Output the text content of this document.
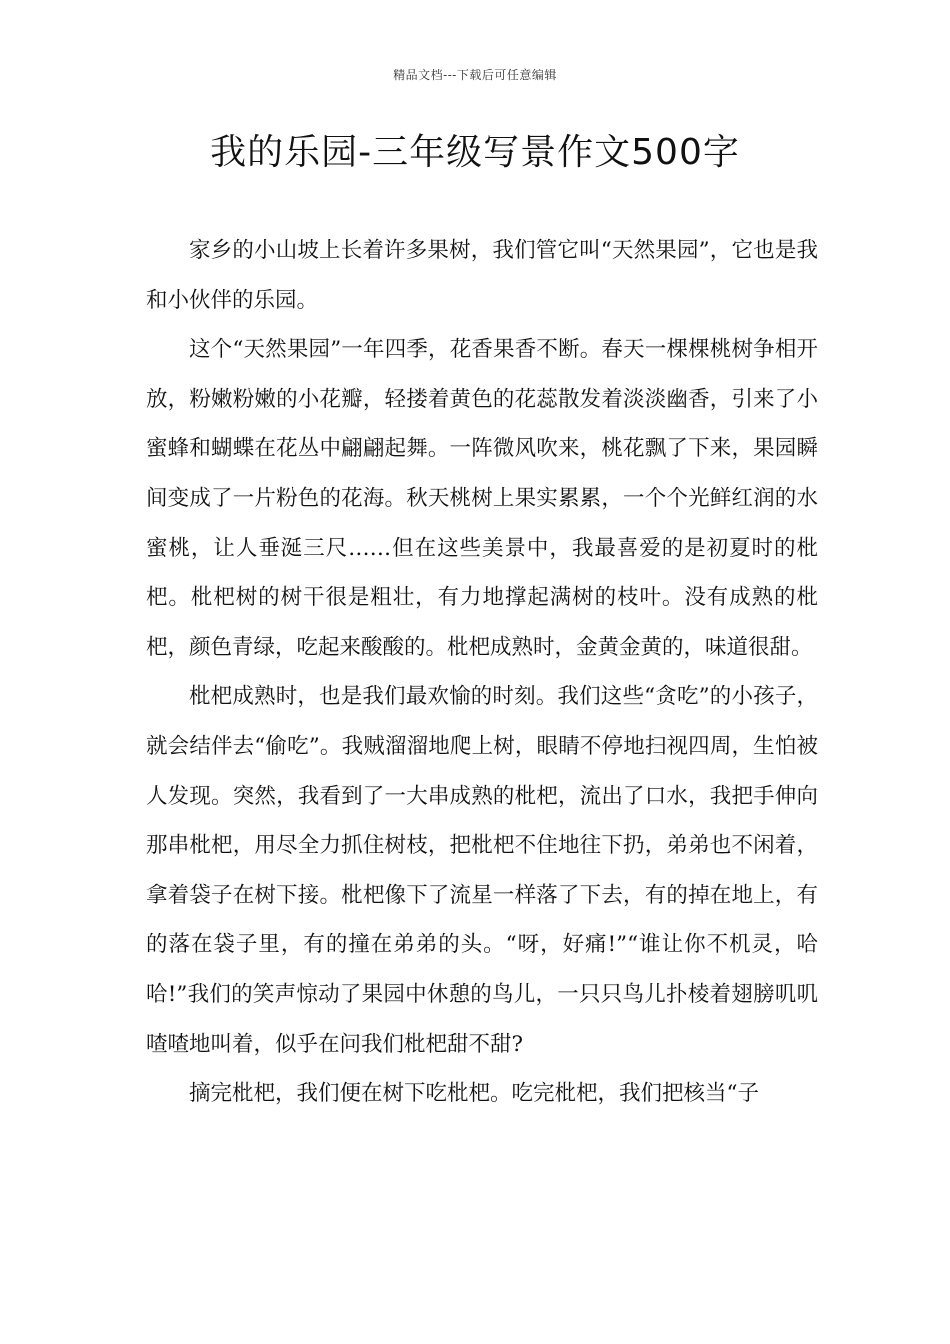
精品文档---下载后可任意编辑
我的乐园-三年级写景作文500字

家乡的小山坡上长着许多果树，我们管它叫“天然果园”，它也是我和小伙伴的乐园。

这个“天然果园”一年四季，花香果香不断。春天一棵棵桃树争相开放，粉嫩粉嫩的小花瓣，轻搂着黄色的花蕊散发着淡淡幽香，引来了小蜜蜂和蝴蝶在花丛中翩翩起舞。一阵微风吹来，桃花飘了下来，果园瞬间变成了一片粉色的花海。秋天桃树上果实累累，一个个光鲜红润的水蜜桃，让人垂涎三尺……但在这些美景中，我最喜爱的是初夏时的枇杷。枇杷树的树干很是粗壮，有力地撑起满树的枝叶。没有成熟的枇杷，颜色青绿，吃起来酸酸的。枇杷成熟时，金黄金黄的，味道很甜。

枇杷成熟时，也是我们最欢愉的时刻。我们这些“贪吃”的小孩子，就会结伴去“偷吃”。我贼溜溜地爬上树，眼睛不停地扫视四周，生怕被人发现。突然，我看到了一大串成熟的枇杷，流出了口水，我把手伸向那串枇杷，用尽全力抓住树枝，把枇杷不住地往下扔，弟弟也不闲着，拿着袋子在树下接。枇杷像下了流星一样落了下去，有的掉在地上，有的落在袋子里，有的撞在弟弟的头。“呀，好痛!”“谁让你不机灵，哈哈!”我们的笑声惊动了果园中休憩的鸟儿，一只只鸟儿扑棱着翅膀叽叽喳喳地叫着，似乎在问我们枇杷甜不甜?

摘完枇杷，我们便在树下吃枇杷。吃完枇杷，我们把核当“子
